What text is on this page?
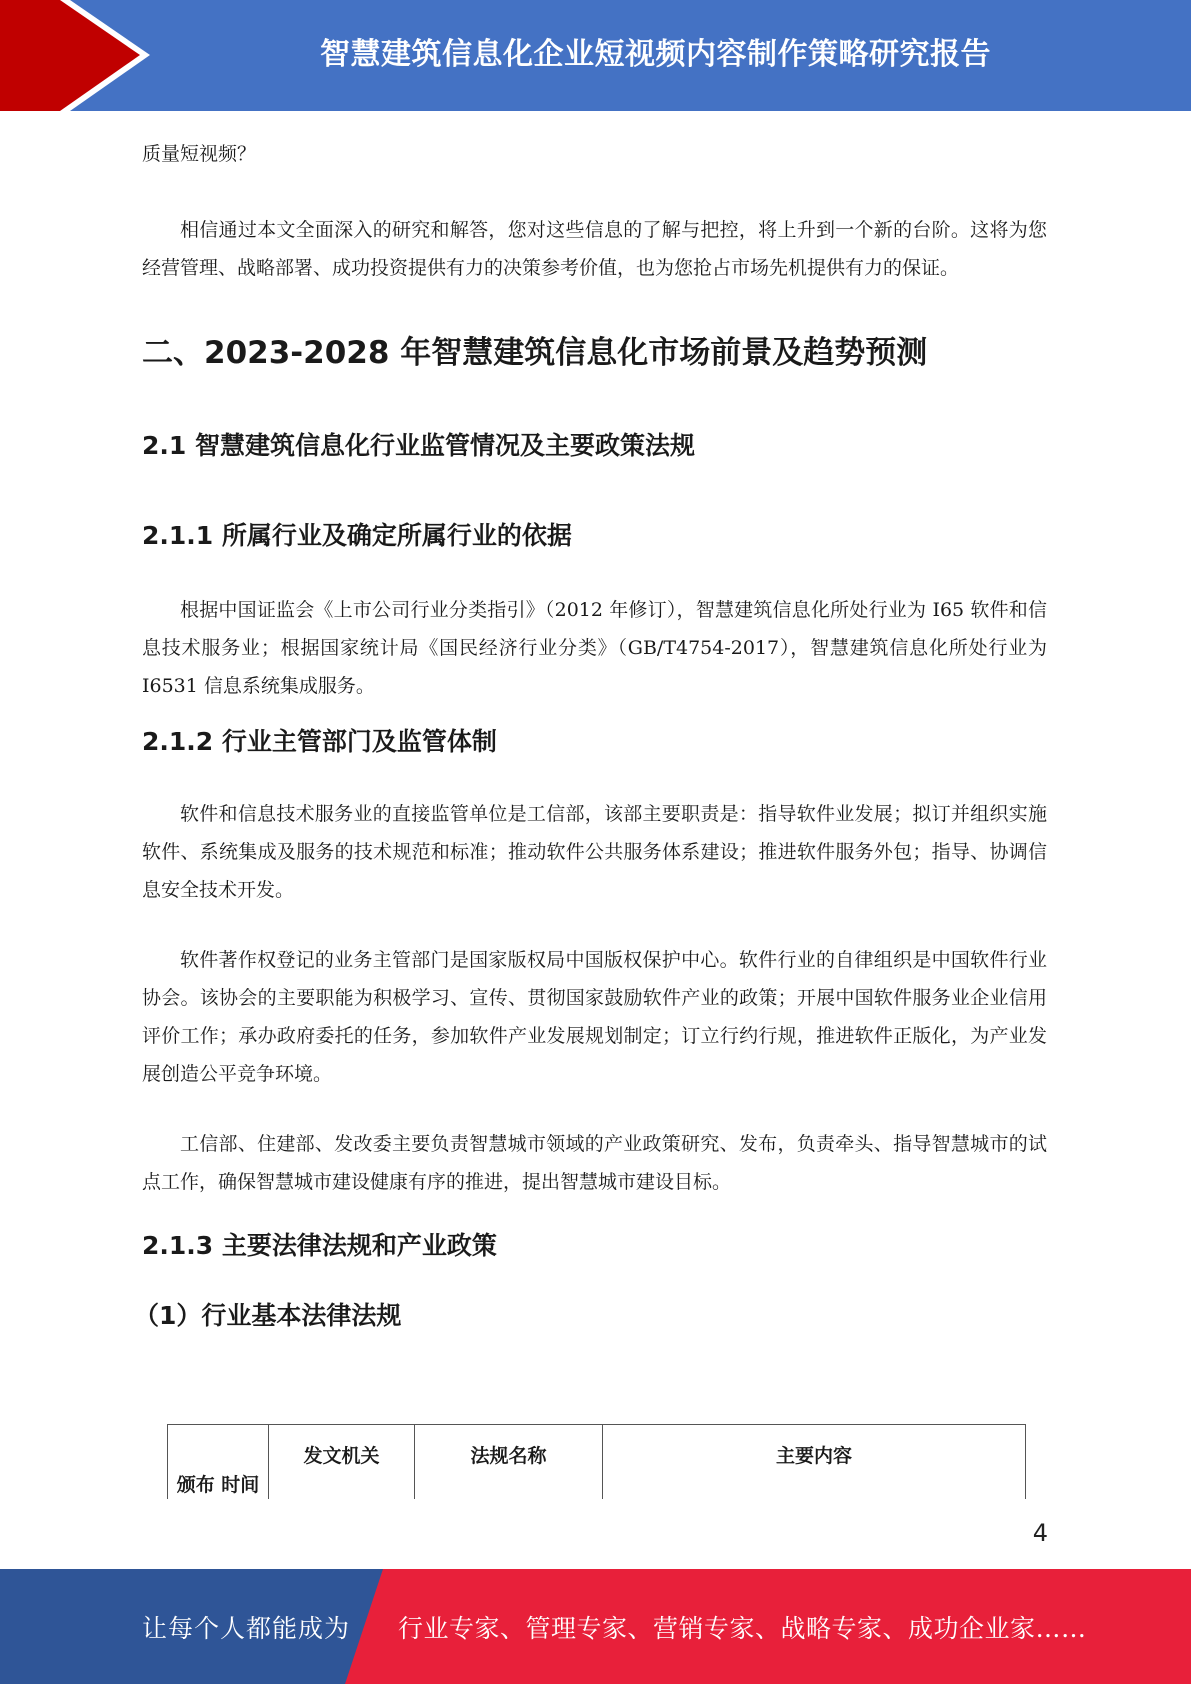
智慧建筑信息化企业短视频内容制作策略研究报告

质量短视频？

相信通过本文全面深入的研究和解答，您对这些信息的了解与把控，将上升到一个新的台阶。这将为您经营管理、战略部署、成功投资提供有力的决策参考价值，也为您抢占市场先机提供有力的保证。

二、2023-2028 年智慧建筑信息化市场前景及趋势预测
2.1 智慧建筑信息化行业监管情况及主要政策法规
2.1.1 所属行业及确定所属行业的依据

根据中国证监会《上市公司行业分类指引》（2012 年修订），智慧建筑信息化所处行业为 I65 软件和信息技术服务业；根据国家统计局《国民经济行业分类》（GB/T4754-2017），智慧建筑信息化所处行业为 I6531 信息系统集成服务。

2.1.2 行业主管部门及监管体制

软件和信息技术服务业的直接监管单位是工信部，该部主要职责是：指导软件业发展；拟订并组织实施软件、系统集成及服务的技术规范和标准；推动软件公共服务体系建设；推进软件服务外包；指导、协调信息安全技术开发。

软件著作权登记的业务主管部门是国家版权局中国版权保护中心。软件行业的自律组织是中国软件行业协会。该协会的主要职能为积极学习、宣传、贯彻国家鼓励软件产业的政策；开展中国软件服务业企业信用评价工作；承办政府委托的任务，参加软件产业发展规划制定；订立行约行规，推进软件正版化，为产业发展创造公平竞争环境。

工信部、住建部、发改委主要负责智慧城市领域的产业政策研究、发布，负责牵头、指导智慧城市的试点工作，确保智慧城市建设健康有序的推进，提出智慧城市建设目标。

2.1.3 主要法律法规和产业政策
（1）行业基本法律法规
颁布 时间	发文机关	法规名称	主要内容
4
让每个人都能成为 行业专家、管理专家、营销专家、战略专家、成功企业家……
